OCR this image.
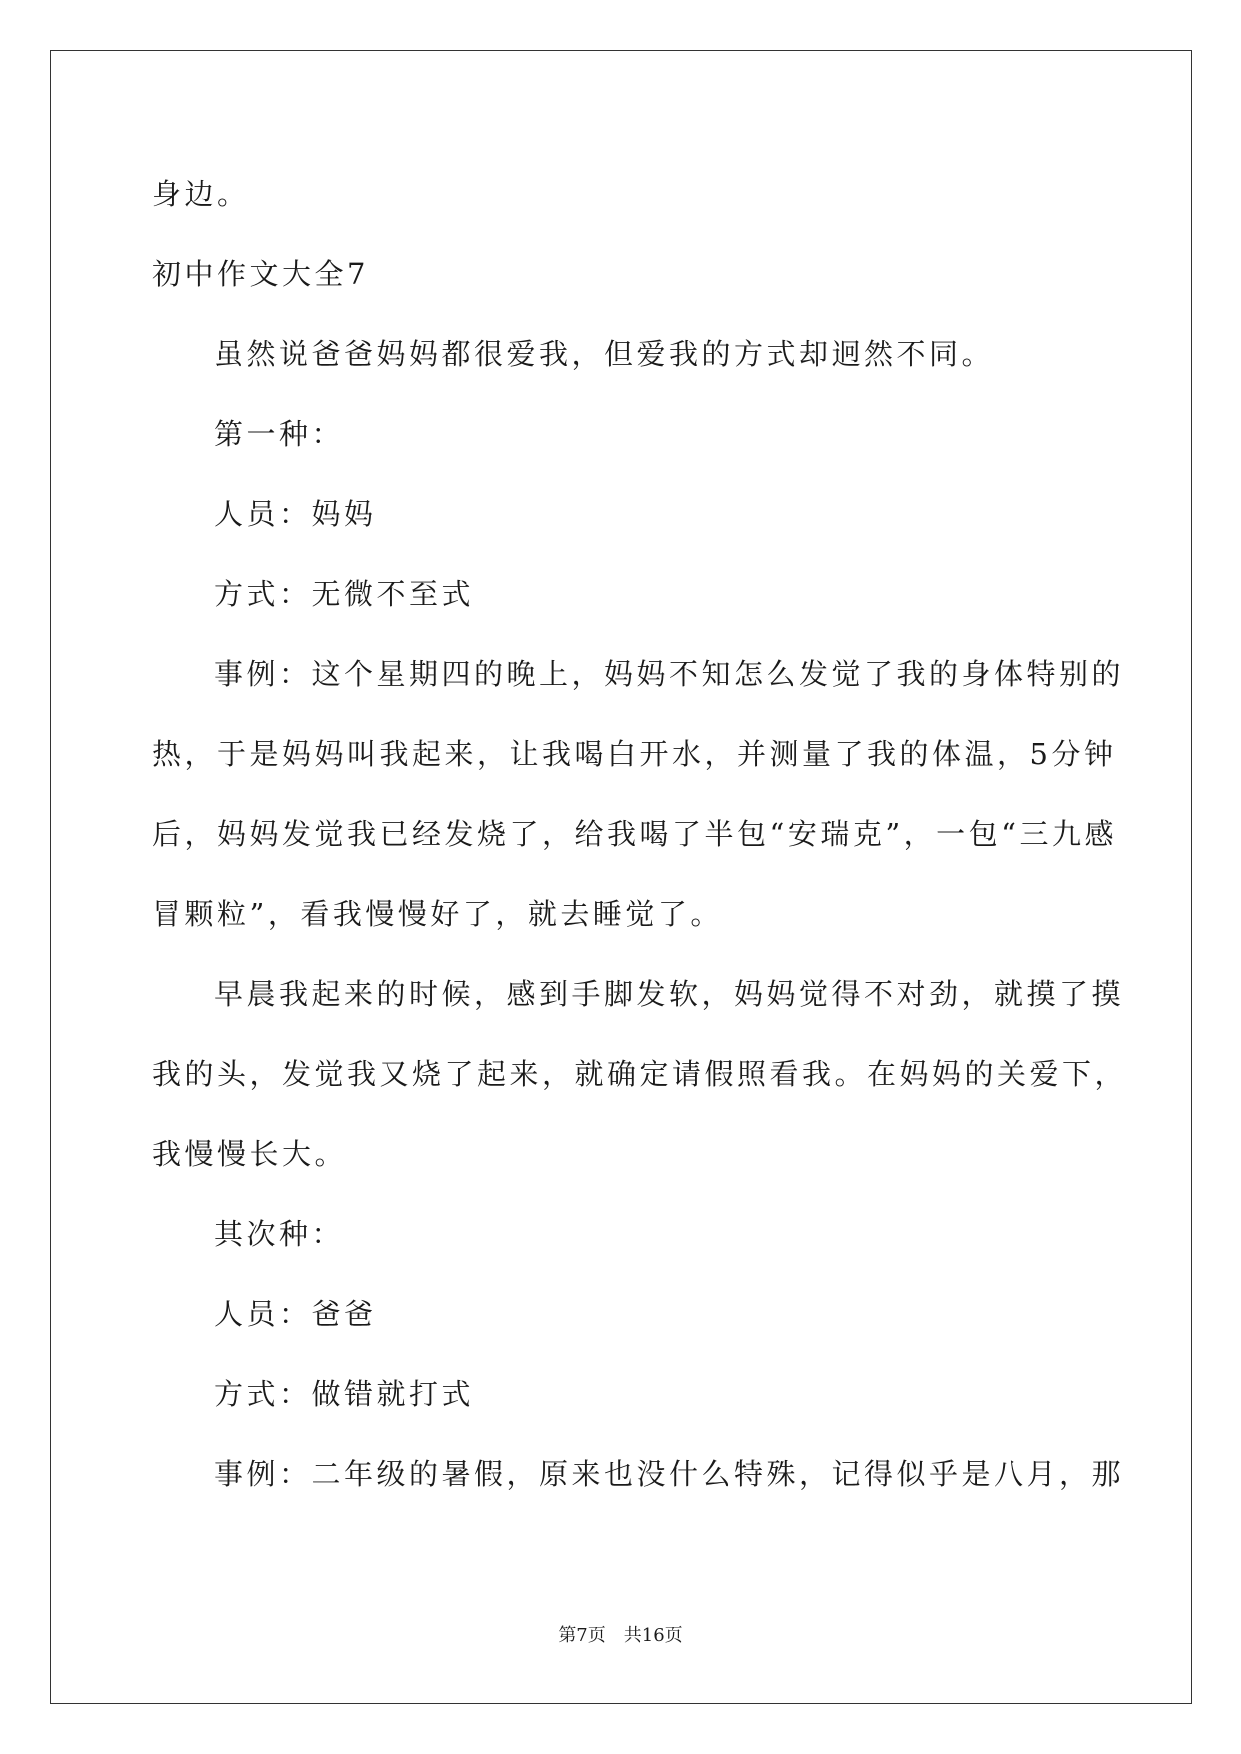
身边。

初中作文大全7

虽然说爸爸妈妈都很爱我，但爱我的方式却迥然不同。

第一种：

人员：妈妈

方式：无微不至式

事例：这个星期四的晚上，妈妈不知怎么发觉了我的身体特别的

热，于是妈妈叫我起来，让我喝白开水，并测量了我的体温，5分钟

后，妈妈发觉我已经发烧了，给我喝了半包“安瑞克”，一包“三九感

冒颗粒”，看我慢慢好了，就去睡觉了。

早晨我起来的时候，感到手脚发软，妈妈觉得不对劲，就摸了摸

我的头，发觉我又烧了起来，就确定请假照看我。在妈妈的关爱下，

我慢慢长大。

其次种：

人员：爸爸

方式：做错就打式

事例：二年级的暑假，原来也没什么特殊，记得似乎是八月，那

第7页　共16页
